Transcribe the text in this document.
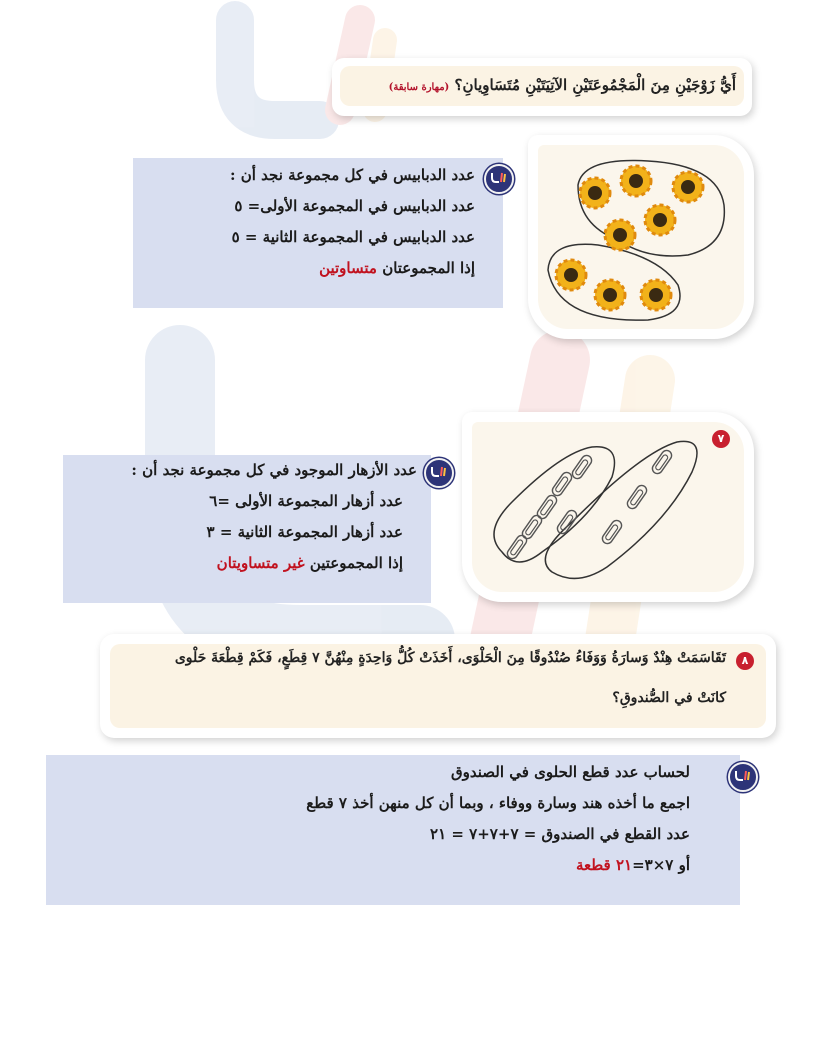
أَيُّ زَوْجَيْنِ مِنَ الْمَجْمُوعَتَيْنِ الآتِيَتَيْنِ مُتَسَاوِيانِ؟ (مهارة سابقة)
عدد الدبابيس في كل مجموعة نجد أن :
عدد الدبابيس في المجموعة الأولى= ٥
عدد الدبابيس في المجموعة الثانية = ٥
إذا المجموعتان متساوتين
٧
عدد الأزهار الموجود في كل مجموعة نجد أن :
عدد أزهار المجموعة الأولى =٦
عدد أزهار المجموعة الثانية = ٣
إذا المجموعتين غير متساويتان
٨
تَقَاسَمَتْ هِنْدٌ وَسارَةُ وَوَفَاءُ صُنْدُوقًا مِنَ الْحَلْوَى، أَخَذَتْ كُلُّ وَاحِدَةٍ مِنْهُنَّ ٧ قِطَعٍ، فَكَمْ قِطْعَةَ حَلْوى
كانَتْ في الصُّندوقِ؟
لحساب عدد قطع الحلوى في الصندوق
اجمع ما أخذه هند وسارة ووفاء ، وبما أن كل منهن أخذ ٧ قطع
عدد القطع في الصندوق = ٧+٧+٧ = ٢١
أو ٧×٣=٢١ قطعة
